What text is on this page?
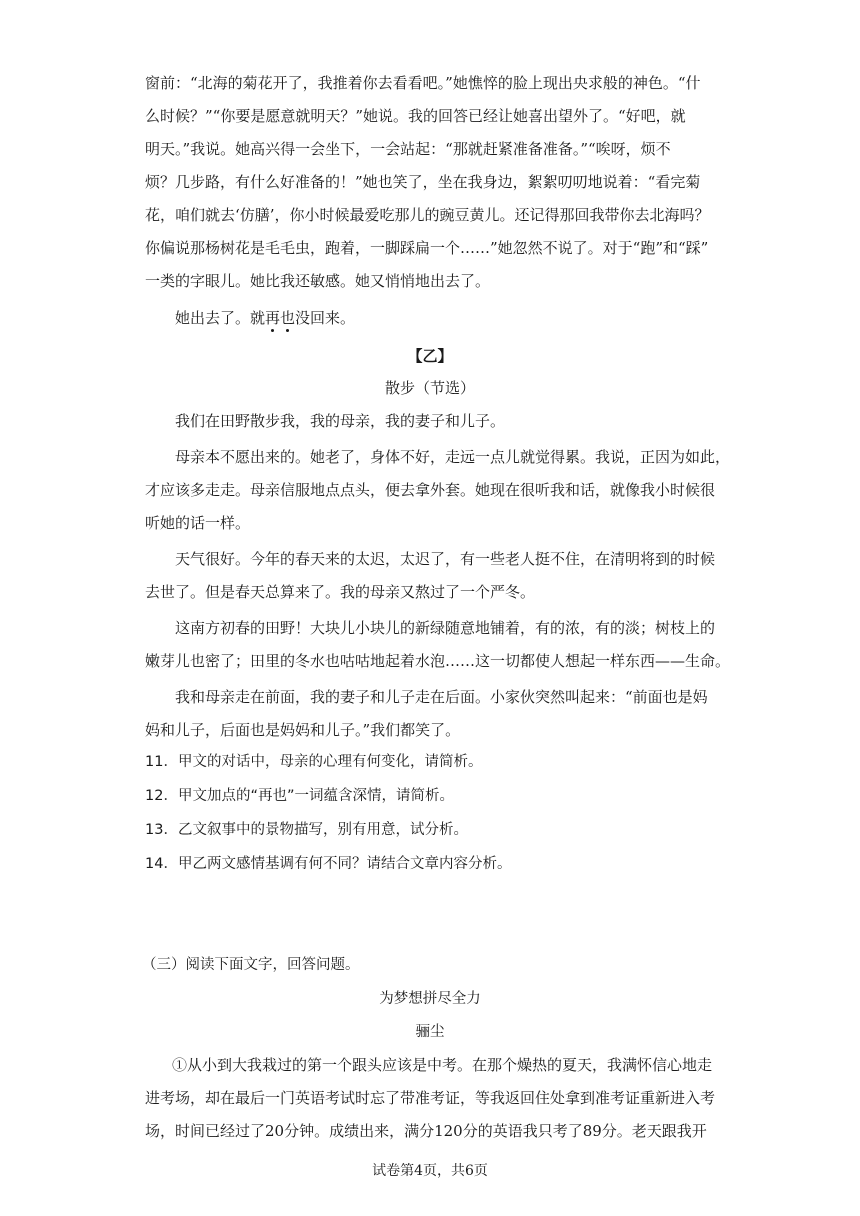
窗前：“北海的菊花开了，我推着你去看看吧。”她憔悴的脸上现出央求般的神色。“什
么时候？”“你要是愿意就明天？”她说。我的回答已经让她喜出望外了。“好吧，就
明天。”我说。她高兴得一会坐下，一会站起：“那就赶紧准备准备。”“唉呀，烦不
烦？几步路，有什么好准备的！”她也笑了，坐在我身边，絮絮叨叨地说着：“看完菊
花，咱们就去‘仿膳’，你小时候最爱吃那儿的豌豆黄儿。还记得那回我带你去北海吗？
你偏说那杨树花是毛毛虫，跑着，一脚踩扁一个……”她忽然不说了。对于“跑”和“踩”
一类的字眼儿。她比我还敏感。她又悄悄地出去了。
她出去了。就再也没回来。
【乙】
散步（节选）
我们在田野散步我，我的母亲，我的妻子和儿子。
母亲本不愿出来的。她老了，身体不好，走远一点儿就觉得累。我说，正因为如此，
才应该多走走。母亲信服地点点头，便去拿外套。她现在很听我和话，就像我小时候很
听她的话一样。
天气很好。今年的春天来的太迟，太迟了，有一些老人挺不住，在清明将到的时候
去世了。但是春天总算来了。我的母亲又熬过了一个严冬。
这南方初春的田野！大块儿小块儿的新绿随意地铺着，有的浓，有的淡；树枝上的
嫩芽儿也密了；田里的冬水也咕咕地起着水泡……这一切都使人想起一样东西——生命。
我和母亲走在前面，我的妻子和儿子走在后面。小家伙突然叫起来：“前面也是妈
妈和儿子，后面也是妈妈和儿子。”我们都笑了。
11．甲文的对话中，母亲的心理有何变化，请简析。
12．甲文加点的“再也”一词蕴含深情，请简析。
13．乙文叙事中的景物描写，别有用意，试分析。
14．甲乙两文感情基调有何不同？请结合文章内容分析。
（三）阅读下面文字，回答问题。
为梦想拼尽全力
骊尘
①从小到大我栽过的第一个跟头应该是中考。在那个燥热的夏天，我满怀信心地走
进考场，却在最后一门英语考试时忘了带准考证，等我返回住处拿到准考证重新进入考
场，时间已经过了20分钟。成绩出来，满分120分的英语我只考了89分。老天跟我开
试卷第4页，共6页
